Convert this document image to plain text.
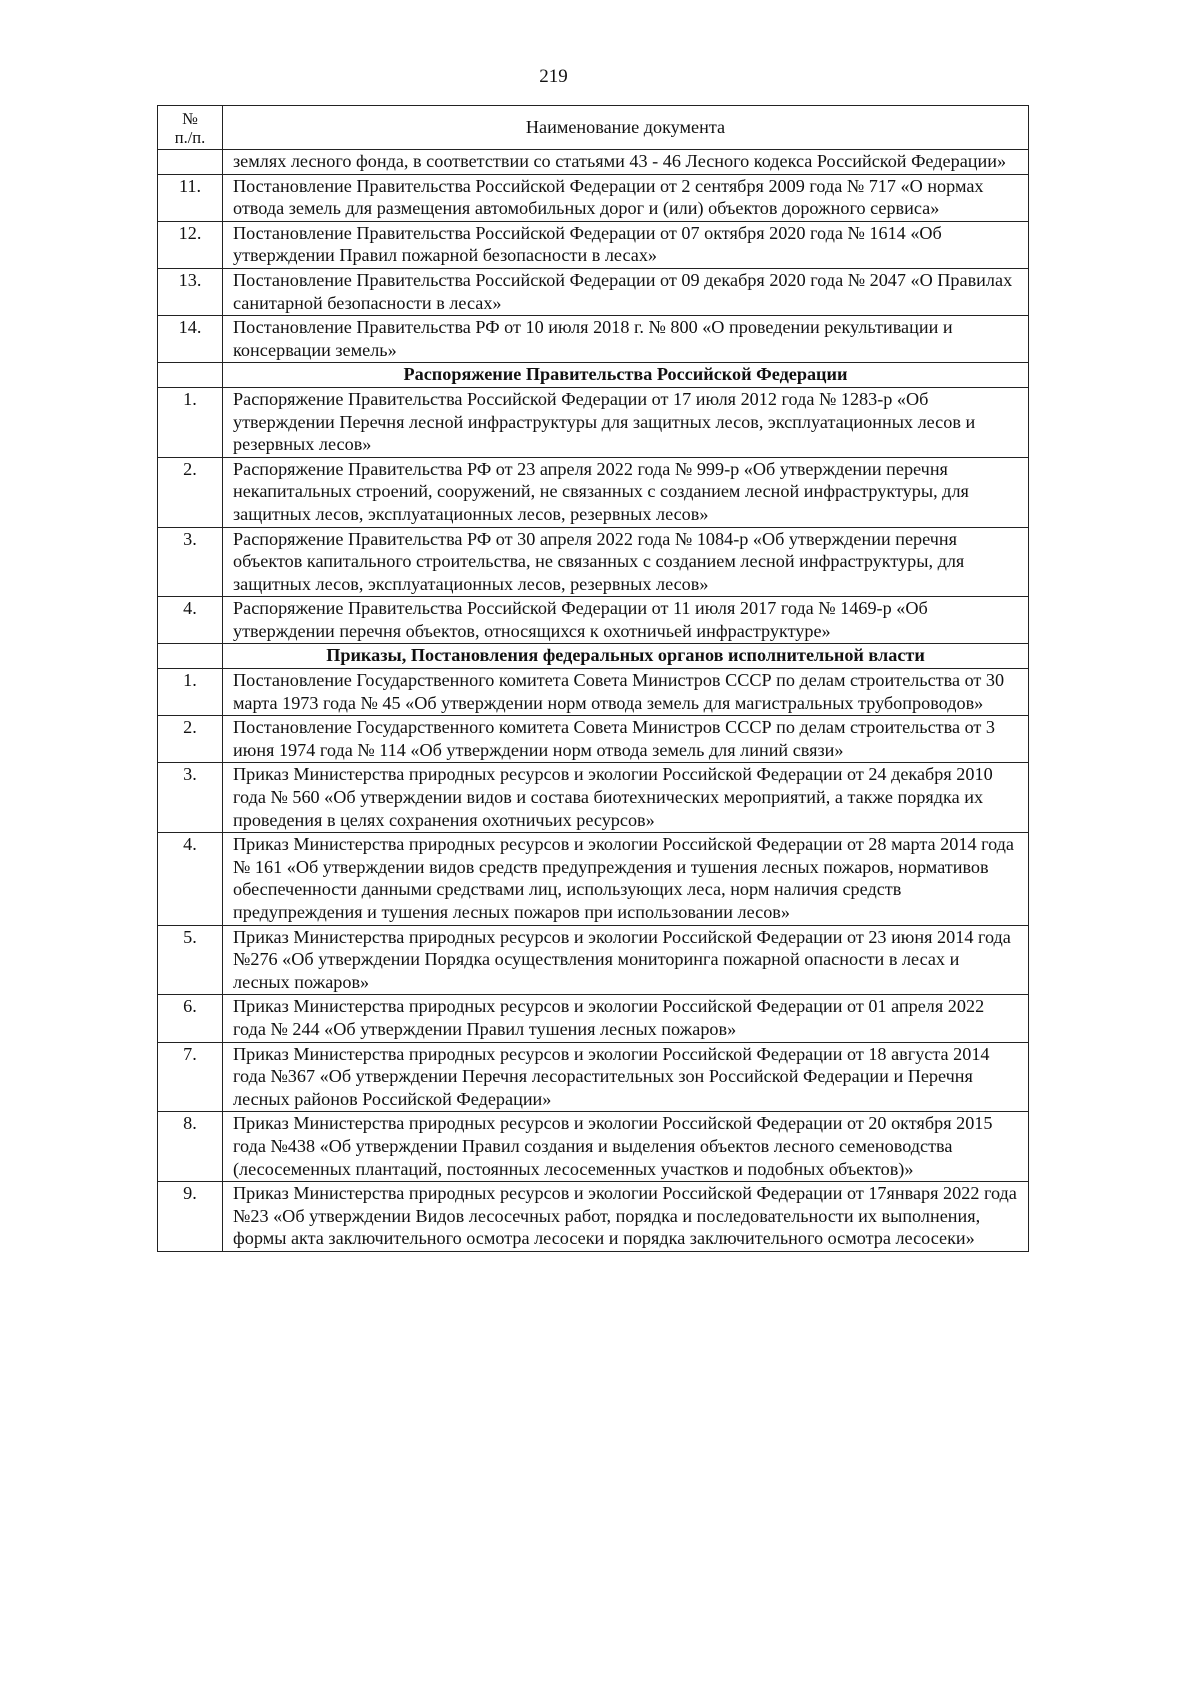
219
№
п./п.	Наименование документа
	землях лесного фонда, в соответствии со статьями 43 - 46 Лесного кодекса Российской Федерации»
11.	Постановление Правительства Российской Федерации от 2 сентября 2009 года № 717 «О нормах отвода земель для размещения автомобильных дорог и (или) объектов дорожного сервиса»
12.	Постановление Правительства Российской Федерации от 07 октября 2020 года № 1614 «Об утверждении Правил пожарной безопасности в лесах»
13.	Постановление Правительства Российской Федерации от 09 декабря 2020 года № 2047 «О Правилах санитарной безопасности в лесах»
14.	Постановление Правительства РФ от 10 июля 2018 г. № 800 «О проведении рекультивации и консервации земель»
	Распоряжение Правительства Российской Федерации
1.	Распоряжение Правительства Российской Федерации от 17 июля 2012 года № 1283-р «Об утверждении Перечня лесной инфраструктуры для защитных лесов, эксплуатационных лесов и резервных лесов»
2.	Распоряжение Правительства РФ от 23 апреля 2022 года № 999-р «Об утверждении перечня некапитальных строений, сооружений, не связанных с созданием лесной инфраструктуры, для защитных лесов, эксплуатационных лесов, резервных лесов»
3.	Распоряжение Правительства РФ от 30 апреля 2022 года № 1084-р «Об утверждении перечня объектов капитального строительства, не связанных с созданием лесной инфраструктуры, для защитных лесов, эксплуатационных лесов, резервных лесов»
4.	Распоряжение Правительства Российской Федерации от 11 июля 2017 года № 1469-р «Об утверждении перечня объектов, относящихся к охотничьей инфраструктуре»
	Приказы, Постановления федеральных органов исполнительной власти
1.	Постановление Государственного комитета Совета Министров СССР по делам строительства от 30 марта 1973 года № 45 «Об утверждении норм отвода земель для магистральных трубопроводов»
2.	Постановление Государственного комитета Совета Министров СССР по делам строительства от 3 июня 1974 года № 114 «Об утверждении норм отвода земель для линий связи»
3.	Приказ Министерства природных ресурсов и экологии Российской Федерации от 24 декабря 2010 года № 560 «Об утверждении видов и состава биотехнических мероприятий, а также порядка их проведения в целях сохранения охотничьих ресурсов»
4.	Приказ Министерства природных ресурсов и экологии Российской Федерации от 28 марта 2014 года № 161 «Об утверждении видов средств предупреждения и тушения лесных пожаров, нормативов обеспеченности данными средствами лиц, использующих леса, норм наличия средств предупреждения и тушения лесных пожаров при использовании лесов»
5.	Приказ Министерства природных ресурсов и экологии Российской Федерации от 23 июня 2014 года №276 «Об утверждении Порядка осуществления мониторинга пожарной опасности в лесах и лесных пожаров»
6.	Приказ Министерства природных ресурсов и экологии Российской Федерации от 01 апреля 2022 года № 244 «Об утверждении Правил тушения лесных пожаров»
7.	Приказ Министерства природных ресурсов и экологии Российской Федерации от 18 августа 2014 года №367 «Об утверждении Перечня лесорастительных зон Российской Федерации и Перечня лесных районов Российской Федерации»
8.	Приказ Министерства природных ресурсов и экологии Российской Федерации от 20 октября 2015 года №438 «Об утверждении Правил создания и выделения объектов лесного семеноводства (лесосеменных плантаций, постоянных лесосеменных участков и подобных объектов)»
9.	Приказ Министерства природных ресурсов и экологии Российской Федерации от 17января 2022 года №23 «Об утверждении Видов лесосечных работ, порядка и последовательности их выполнения, формы акта заключительного осмотра лесосеки и порядка заключительного осмотра лесосеки»
